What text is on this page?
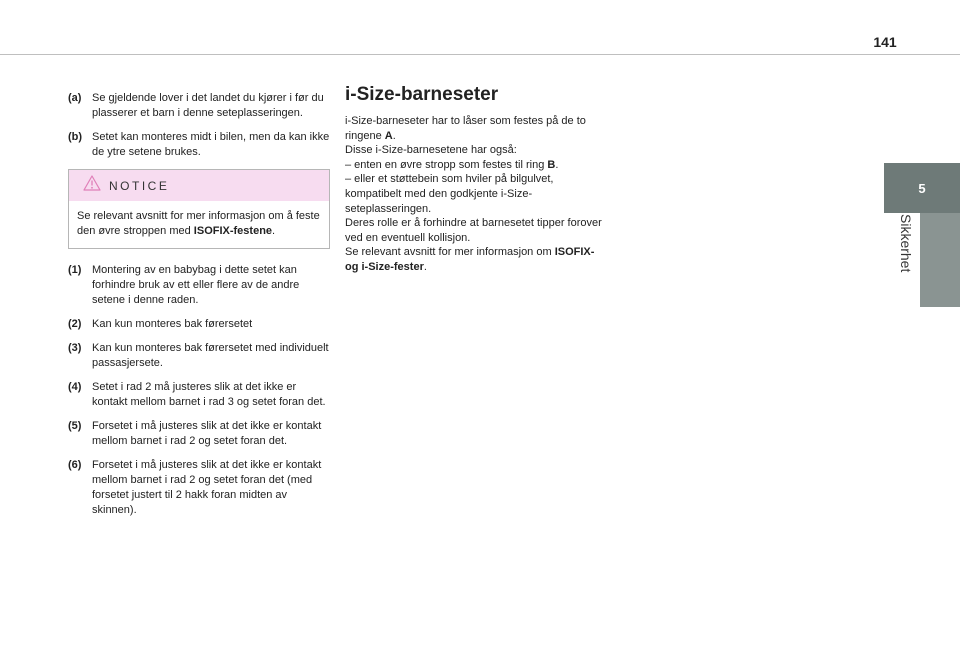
141
5
Sikkerhet
(a) Se gjeldende lover i det landet du kjører i før du plasserer et barn i denne seteplasseringen.
(b) Setet kan monteres midt i bilen, men da kan ikke de ytre setene brukes.
NOTICE
Se relevant avsnitt for mer informasjon om å feste den øvre stroppen med ISOFIX-festene.
(1) Montering av en babybag i dette setet kan forhindre bruk av ett eller flere av de andre setene i denne raden.
(2) Kan kun monteres bak førersetet
(3) Kan kun monteres bak førersetet med individuelt passasjersete.
(4) Setet i rad 2 må justeres slik at det ikke er kontakt mellom barnet i rad 3 og setet foran det.
(5) Forsetet i må justeres slik at det ikke er kontakt mellom barnet i rad 2 og setet foran det.
(6) Forsetet i må justeres slik at det ikke er kontakt mellom barnet i rad 2 og setet foran det (med forsetet justert til 2 hakk foran midten av skinnen).
i-Size-barneseter
i-Size-barneseter har to låser som festes på de to ringene A.
Disse i-Size-barnesetene har også:
– enten en øvre stropp som festes til ring B.
– eller et støttebein som hviler på bilgulvet, kompatibelt med den godkjente i-Size-seteplasseringen.
Deres rolle er å forhindre at barnesetet tipper forover ved en eventuell kollisjon.
Se relevant avsnitt for mer informasjon om ISOFIX- og i-Size-fester.
